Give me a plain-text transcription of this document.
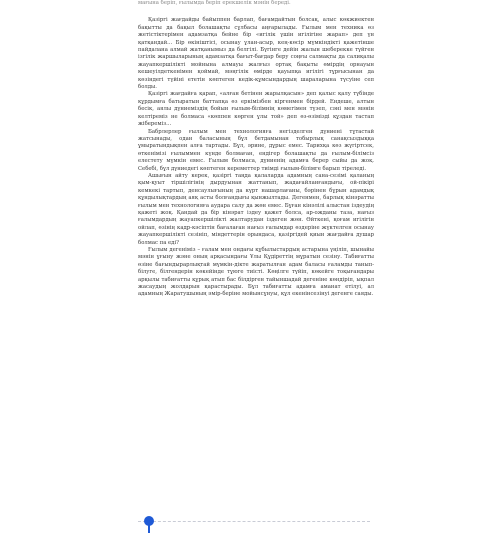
мағына беріп, ғылымда беріп ерекшелік мәнін береді.

Қазіргі жағдайды байыппен барлап, бағамдайтын болсақ, алыс көкжиектен бақытты да бақыл болашақты сұлбасы аңғарылады. Ғылым мен техника өз жетістіктерімен адамзатқа бейне бір «игілік үшін игілігіне жарап» деп үн қатқандай... Бір өкініштісі, осынау ұлан-асыр, кең-көсір мүмкіндікті қажетінше пайдалана алмай жатқанымыз да белгілі. Бүгінге дейін жалын шеберекке түйген ізгілік жаршыларының адамзатқа бағыт-бағдар беру соңғы салмақты да салиқалы жауапкершілікті мойнына алмауы жалғыз ортақ бақыты өмірдің орнауын кешеуілдеткенімен қоймай, мәңгілік өмірде қауыпқа игілігі тұрғысынан да көзіндегі түйіні ететін көптеген кедік-құмсындардың шараларына түсуіне сеп болды.

Қазіргі жағдайға қарап, «алған бетінен жарылқасын» деп қалыс қалу түбінде құрдымға батыратын баттапқа өз еркімізбен кіргенмен бірдей. Ендеше, алтын бесік, аялы дүниеміздің бойын ғылым-білімнің көмегімен түзеп, сәні мен мәнін келтіреміз не болмаса «көппен көрген ұлы той» деп өз-өзімізді құздан тастап жібереміз...

Бабрлерлер ғылым мен технологияға негізделген дүниені тұтастай жатсынады, одан баласының бұл бетдамынан тобырлық санақсыздыққа ұмыратындықпен алға тартады. Бұл, әрине, дұрыс емес. Тарихқа көз жүгіртсек, өткенімізі ғылыммен күнде болмаған, ендігер болашақты да ғылым-білімсіз елестету мүмкін емес. Ғылым болмаса, дүниенің адамға берер сыйы да жоқ. Себебі, бұл дүниедегі көптеген кереметтер тиімді ғылым-білімге барып тіреледі.

Ашығын айту керек, қазіргі таңда қалаларда адамның сана-сезімі қаланың қым-қуыт тіршілігінің дырдуынан жаттанып, жадағайланғандығы, ой-пікірі кемкекі тартып, денсаулығының да күрт нашарлағаны, бәрінен бұрын адамдық құндылықтардың аяқ асты болғандығы қынжылтады. Дегенмен, барлық кінәратты ғылым мен технологияға аудара салу да жөн емес. Бұған кінәлілі алыстан іздеудің қажеті жоқ. Қандай да бір кінәрат іздеу қажет болса, ар-ожданы таза, нағыз ғалымдардың жауапкершілікті жалтарудан іздеген жөн. Өйткені, қоғам игілігін ойлап, өзінің кадр-кәсіптін бағалаған нағыз ғалымдар өздеріне жүктелген осынау жауапкершілікті сезініп, міндеттерін орындаса, қазіргідей қиын жағдайға душар болмас па еді?

Ғылым дегеніміз – ғалам мен ондағы құбылыстардың астарына үңіліп, шынайы мәнін ұғыну және оның арқасындағы Ұлы Құдіреттің мұратын сезіну. Табиғатты өзіне бағындырарлықтай мүмкін-дікте жаратылған адам баласы ғаламды танып-білуге, білгендерін көкейінде тұюге тиісті. Көңілге түйіп, көкейге тоқығандары арқылы табиғатты құрық атып бас білдірген тайыншадай дегеніне көндіріп, ықпал жасаудың жолдарын қарастырады. Бұл табиғатты адамға аманат етілуі, ал адамның Жаратушының әмір-беріне мойынсұнуы, құл екенінсезінуі дегенге саяды.
